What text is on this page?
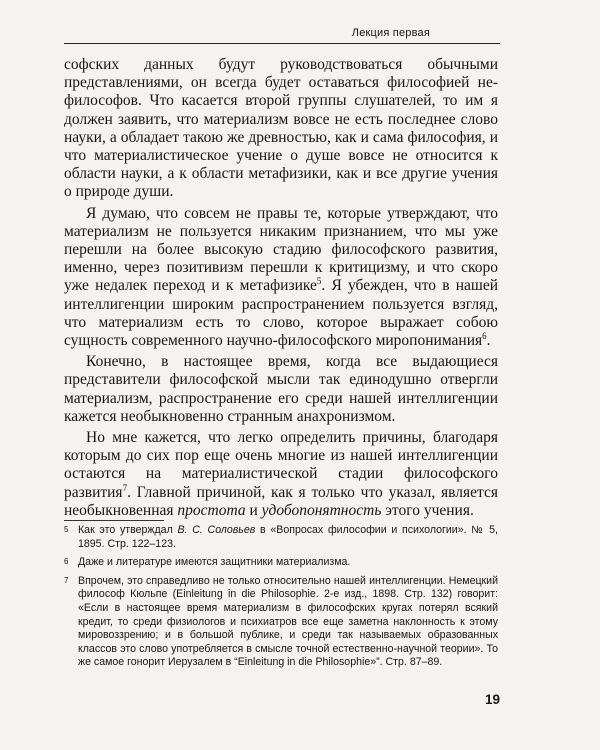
Лекция первая

софских данных будут руководствоваться обычными представлениями, он всегда будет оставаться философией не-философов. Что касается второй группы слушателей, то им я должен заявить, что материализм вовсе не есть последнее слово науки, а обладает такою же древностью, как и сама философия, и что материалистическое учение о душе вовсе не относится к области науки, а к области метафизики, как и все другие учения о природе души.

Я думаю, что совсем не правы те, которые утверждают, что материализм не пользуется никаким признанием, что мы уже перешли на более высокую стадию философского развития, именно, через позитивизм перешли к критицизму, и что скоро уже недалек переход и к метафизике$^5$. Я убежден, что в нашей интеллигенции широким распространением пользуется взгляд, что материализм есть то слово, которое выражает собою сущность современного научно-философского миропонимания$^6$.

Конечно, в настоящее время, когда все выдающиеся представители философской мысли так единодушно отвергли материализм, распространение его среди нашей интеллигенции кажется необыкновенно странным анахронизмом.

Но мне кажется, что легко определить причины, благодаря которым до сих пор еще очень многие из нашей интеллигенции остаются на материалистической стадии философского развития$^7$. Главной причиной, как я только что указал, является необыкновенная простота и удобопонятность этого учения.

5 Как это утверждал В. С. Соловьев в «Вопросах философии и психологии». № 5, 1895. Стр. 122–123.
6 Даже и литературе имеются защитники материализма.
7 Впрочем, это справедливо не только относительно нашей интеллигенции. Немецкий философ Кюльпе (Einleitung in die Philosophie. 2-е изд., 1898. Стр. 132) говорит: «Если в настоящее время материализм в философских кругах потерял всякий кредит, то среди физиологов и психиатров все еще заметна наклонность к этому мировоззрению; и в большой публике, и среди так называемых образованных классов это слово употребляется в смысле точной естественно-научной теории». То же самое гонорит Иерузалем в “Einleitung in die Philosophie»”. Стр. 87–89.
19
